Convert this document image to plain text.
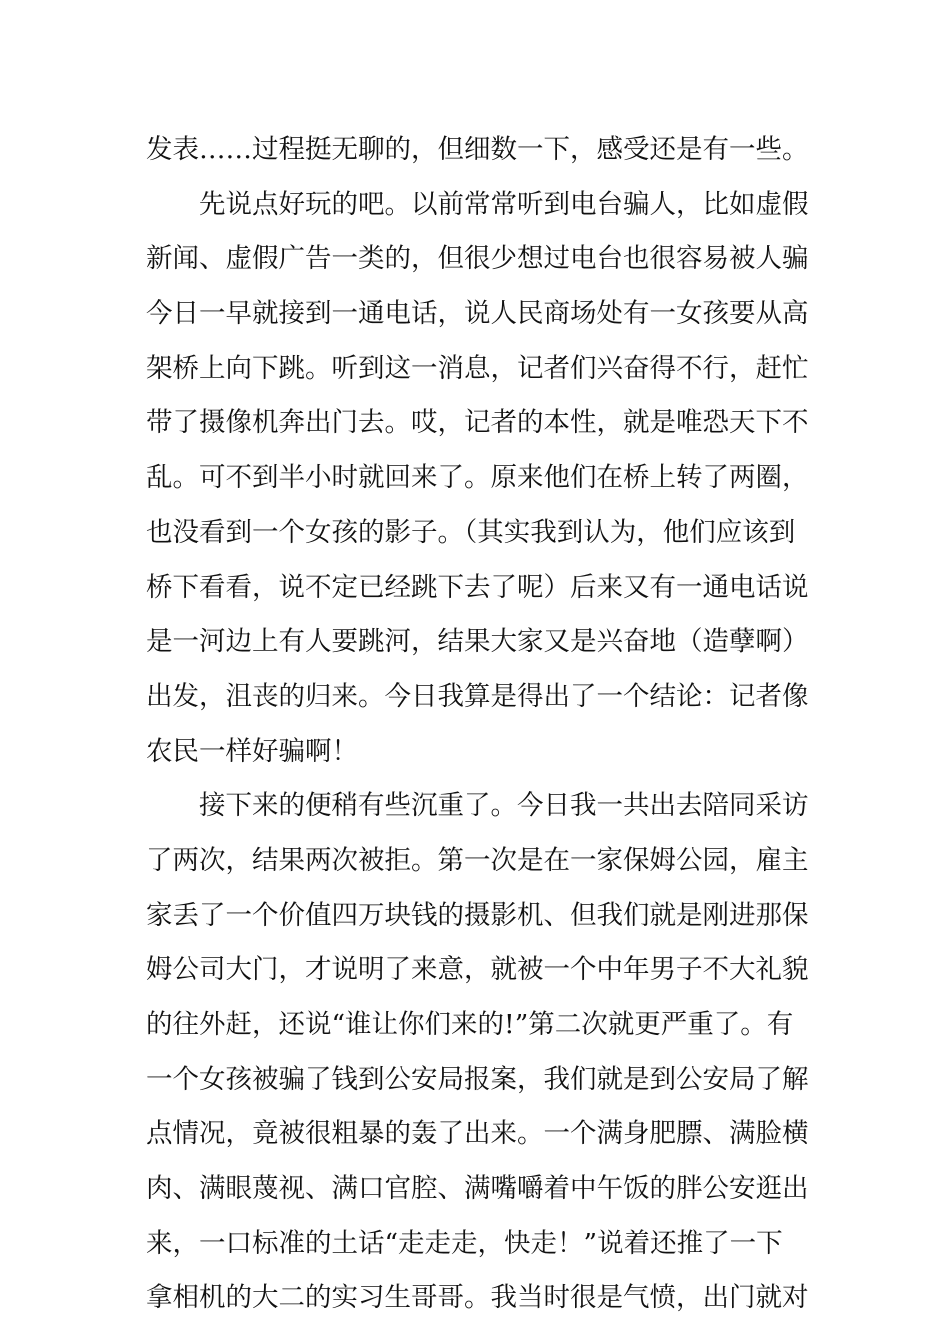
发表……过程挺无聊的，但细数一下，感受还是有一些。
先说点好玩的吧。以前常常听到电台骗人，比如虚假
新闻、虚假广告一类的，但很少想过电台也很容易被人骗
今日一早就接到一通电话，说人民商场处有一女孩要从高
架桥上向下跳。听到这一消息，记者们兴奋得不行，赶忙
带了摄像机奔出门去。哎，记者的本性，就是唯恐天下不
乱。可不到半小时就回来了。原来他们在桥上转了两圈，
也没看到一个女孩的影子。（其实我到认为，他们应该到
桥下看看，说不定已经跳下去了呢）后来又有一通电话说
是一河边上有人要跳河，结果大家又是兴奋地（造孽啊）
出发，沮丧的归来。今日我算是得出了一个结论：记者像
农民一样好骗啊！
接下来的便稍有些沉重了。今日我一共出去陪同采访
了两次，结果两次被拒。第一次是在一家保姆公园，雇主
家丢了一个价值四万块钱的摄影机、但我们就是刚进那保
姆公司大门，才说明了来意，就被一个中年男子不大礼貌
的往外赶，还说“谁让你们来的!”第二次就更严重了。有
一个女孩被骗了钱到公安局报案，我们就是到公安局了解
点情况，竟被很粗暴的轰了出来。一个满身肥膘、满脸横
肉、满眼蔑视、满口官腔、满嘴嚼着中午饭的胖公安逛出
来，一口标准的土话“走走走，快走！”说着还推了一下
拿相机的大二的实习生哥哥。我当时很是气愤，出门就对
